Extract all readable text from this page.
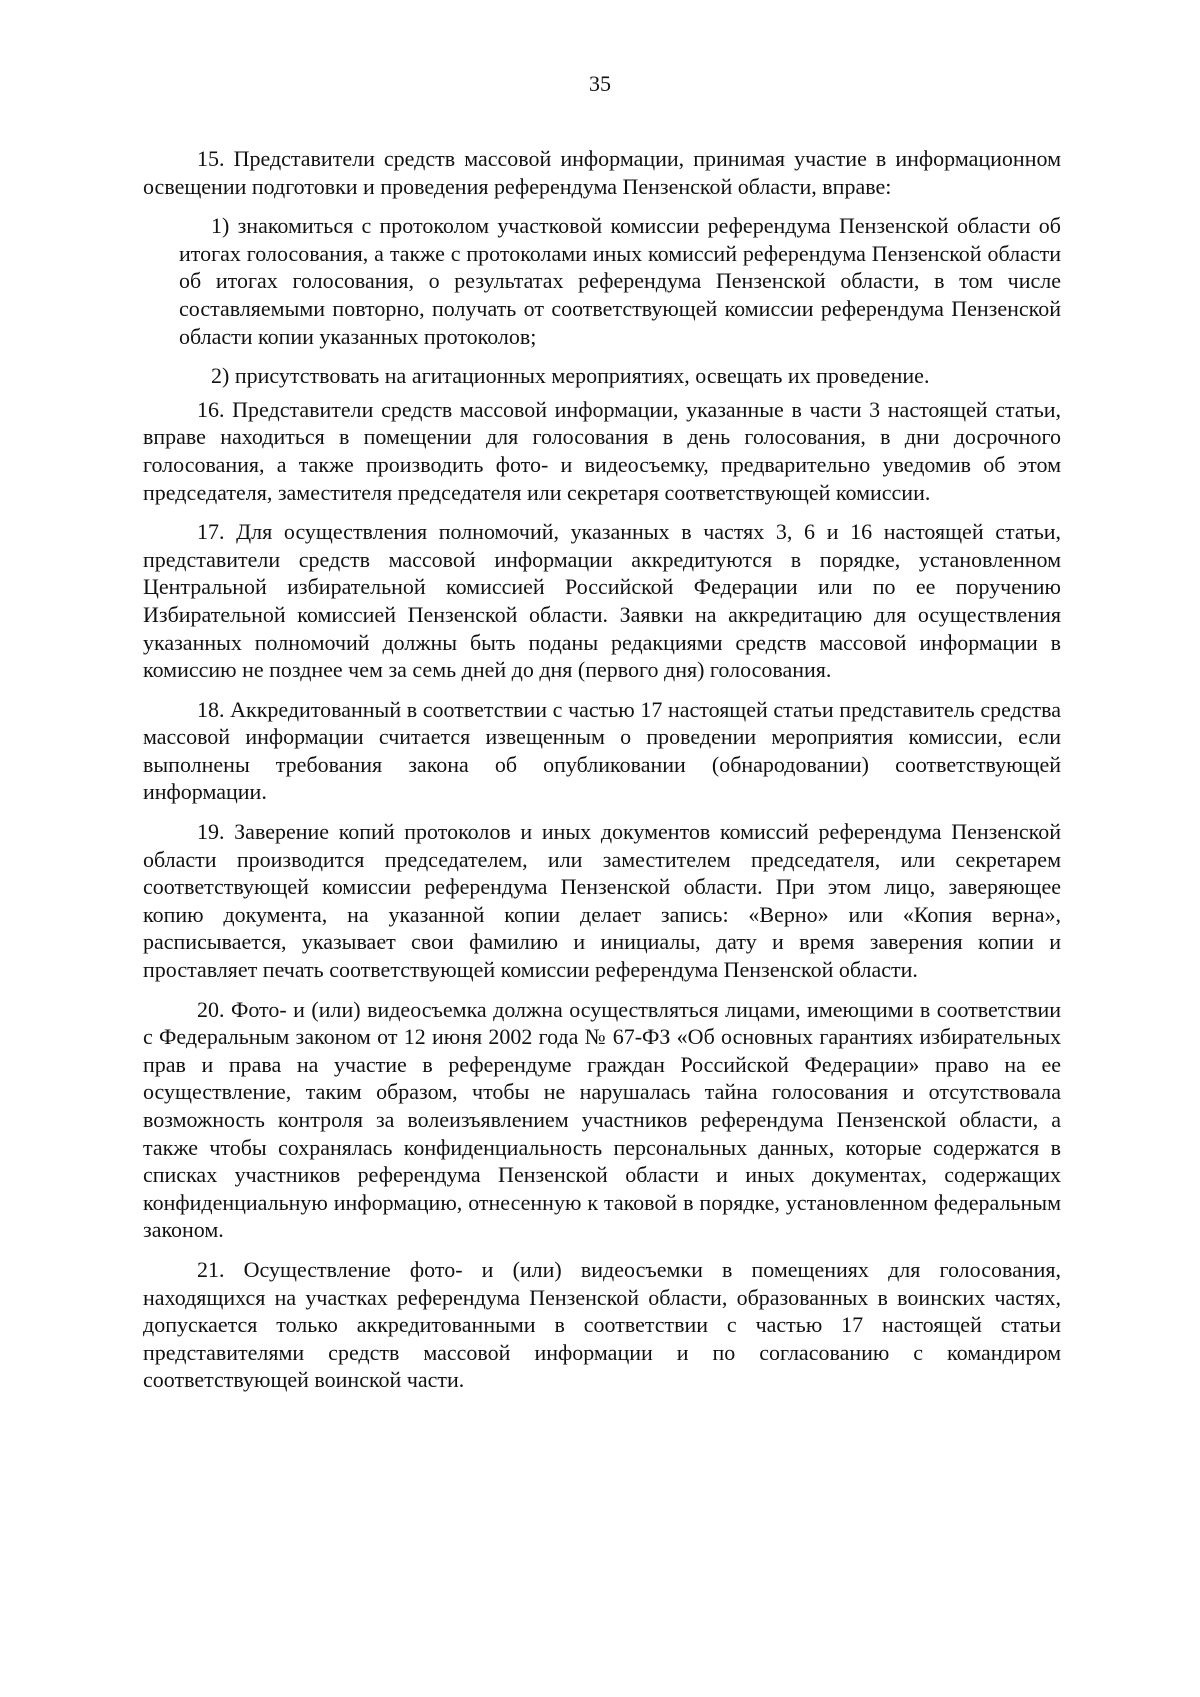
35

15. Представители средств массовой информации, принимая участие в информационном освещении подготовки и проведения референдума Пензенской области, вправе:

1) знакомиться с протоколом участковой комиссии референдума Пензенской области об итогах голосования, а также с протоколами иных комиссий референдума Пензенской области об итогах голосования, о результатах референдума Пензенской области, в том числе составляемыми повторно, получать от соответствующей комиссии референдума Пензенской области копии указанных протоколов;

2) присутствовать на агитационных мероприятиях, освещать их проведение.

16. Представители средств массовой информации, указанные в части 3 настоящей статьи, вправе находиться в помещении для голосования в день голосования, в дни досрочного голосования, а также производить фото- и видеосъемку, предварительно уведомив об этом председателя, заместителя председателя или секретаря соответствующей комиссии.

17. Для осуществления полномочий, указанных в частях 3, 6 и 16 настоящей статьи, представители средств массовой информации аккредитуются в порядке, установленном Центральной избирательной комиссией Российской Федерации или по ее поручению Избирательной комиссией Пензенской области. Заявки на аккредитацию для осуществления указанных полномочий должны быть поданы редакциями средств массовой информации в комиссию не позднее чем за семь дней до дня (первого дня) голосования.

18. Аккредитованный в соответствии с частью 17 настоящей статьи представитель средства массовой информации считается извещенным о проведении мероприятия комиссии, если выполнены требования закона об опубликовании (обнародовании) соответствующей информации.

19. Заверение копий протоколов и иных документов комиссий референдума Пензенской области производится председателем, или заместителем председателя, или секретарем соответствующей комиссии референдума Пензенской области. При этом лицо, заверяющее копию документа, на указанной копии делает запись: «Верно» или «Копия верна», расписывается, указывает свои фамилию и инициалы, дату и время заверения копии и проставляет печать соответствующей комиссии референдума Пензенской области.

20. Фото- и (или) видеосъемка должна осуществляться лицами, имеющими в соответствии с Федеральным законом от 12 июня 2002 года № 67-ФЗ «Об основных гарантиях избирательных прав и права на участие в референдуме граждан Российской Федерации» право на ее осуществление, таким образом, чтобы не нарушалась тайна голосования и отсутствовала возможность контроля за волеизъявлением участников референдума Пензенской области, а также чтобы сохранялась конфиденциальность персональных данных, которые содержатся в списках участников референдума Пензенской области и иных документах, содержащих конфиденциальную информацию, отнесенную к таковой в порядке, установленном федеральным законом.

21. Осуществление фото- и (или) видеосъемки в помещениях для голосования, находящихся на участках референдума Пензенской области, образованных в воинских частях, допускается только аккредитованными в соответствии с частью 17 настоящей статьи представителями средств массовой информации и по согласованию с командиром соответствующей воинской части.
